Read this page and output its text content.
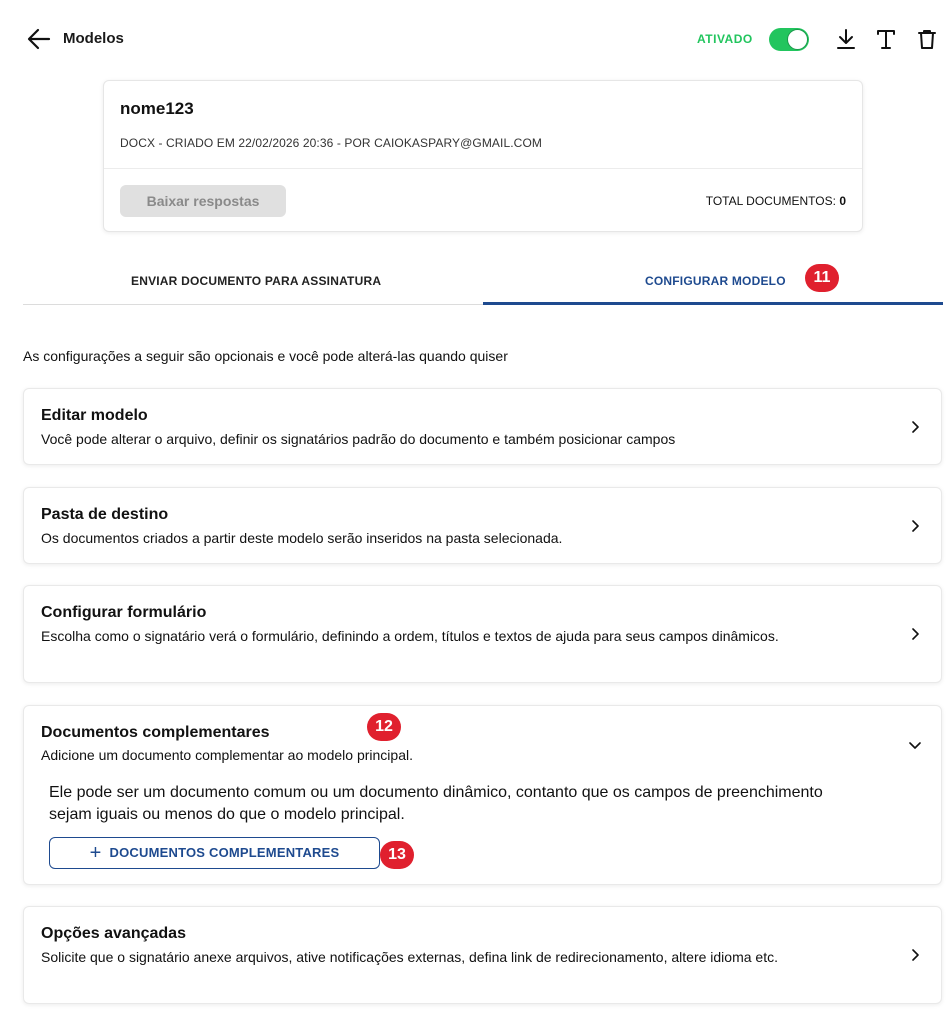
Modelos	ATIVADO
nome123
DOCX - CRIADO EM 22/02/2026 20:36 - POR CAIOKASPARY@GMAIL.COM
Baixar respostas	TOTAL DOCUMENTOS: 0
ENVIAR DOCUMENTO PARA ASSINATURA	CONFIGURAR MODELO	11
As configurações a seguir são opcionais e você pode alterá-las quando quiser
Editar modelo
Você pode alterar o arquivo, definir os signatários padrão do documento e também posicionar campos
Pasta de destino
Os documentos criados a partir deste modelo serão inseridos na pasta selecionada.
Configurar formulário
Escolha como o signatário verá o formulário, definindo a ordem, títulos e textos de ajuda para seus campos dinâmicos.
Documentos complementares	12
Adicione um documento complementar ao modelo principal.
Ele pode ser um documento comum ou um documento dinâmico, contanto que os campos de preenchimento sejam iguais ou menos do que o modelo principal.
+ DOCUMENTOS COMPLEMENTARES	13
Opções avançadas
Solicite que o signatário anexe arquivos, ative notificações externas, defina link de redirecionamento, altere idioma etc.
